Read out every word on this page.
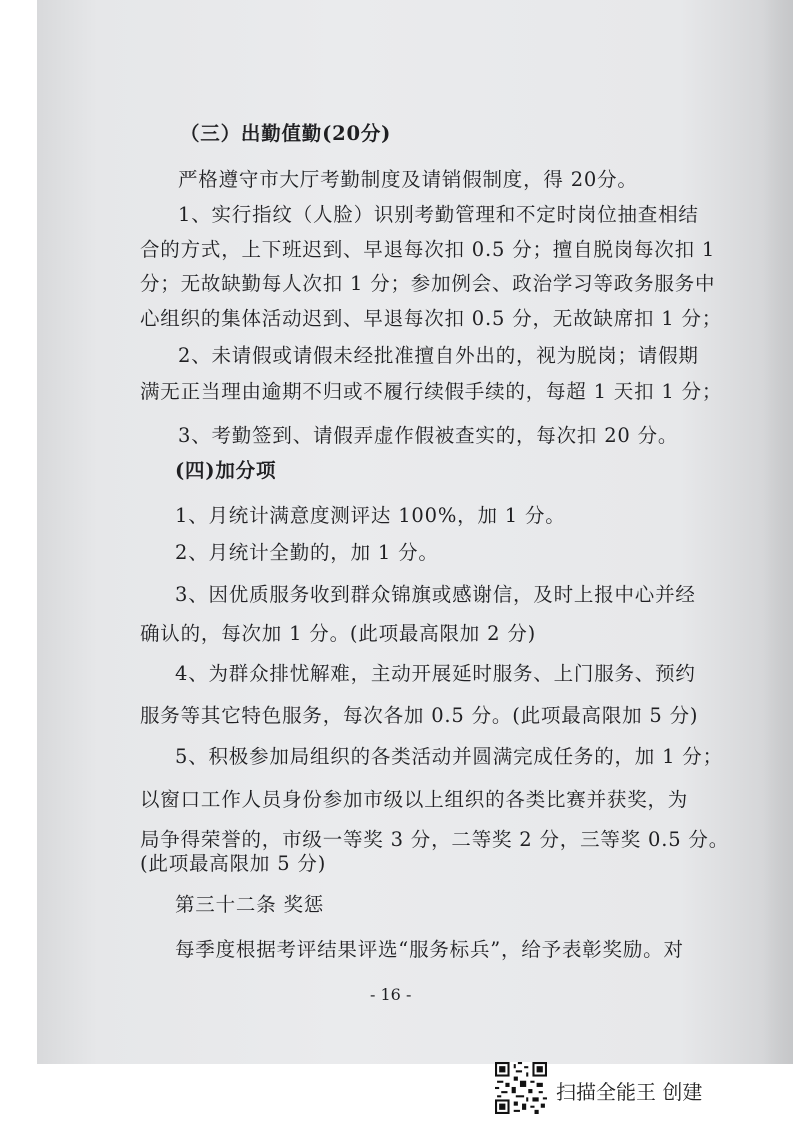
（三）出勤值勤(20分)

严格遵守市大厅考勤制度及请销假制度，得 20分。

1、实行指纹（人脸）识别考勤管理和不定时岗位抽查相结

合的方式，上下班迟到、早退每次扣 0.5 分；擅自脱岗每次扣 1

分；无故缺勤每人次扣 1 分；参加例会、政治学习等政务服务中

心组织的集体活动迟到、早退每次扣 0.5 分，无故缺席扣 1 分；

2、未请假或请假未经批准擅自外出的，视为脱岗；请假期

满无正当理由逾期不归或不履行续假手续的，每超 1 天扣 1 分；

3、考勤签到、请假弄虚作假被查实的，每次扣 20 分。

(四)加分项

1、月统计满意度测评达 100%，加 1 分。

2、月统计全勤的，加 1 分。

3、因优质服务收到群众锦旗或感谢信，及时上报中心并经

确认的，每次加 1 分。(此项最高限加 2 分)

4、为群众排忧解难，主动开展延时服务、上门服务、预约

服务等其它特色服务，每次各加 0.5 分。(此项最高限加 5 分)

5、积极参加局组织的各类活动并圆满完成任务的，加 1 分；

以窗口工作人员身份参加市级以上组织的各类比赛并获奖，为

局争得荣誉的，市级一等奖 3 分，二等奖 2 分，三等奖 0.5 分。

(此项最高限加 5 分)

第三十二条 奖惩

每季度根据考评结果评选“服务标兵”，给予表彰奖励。对

- 16 -

扫描全能王 创建
